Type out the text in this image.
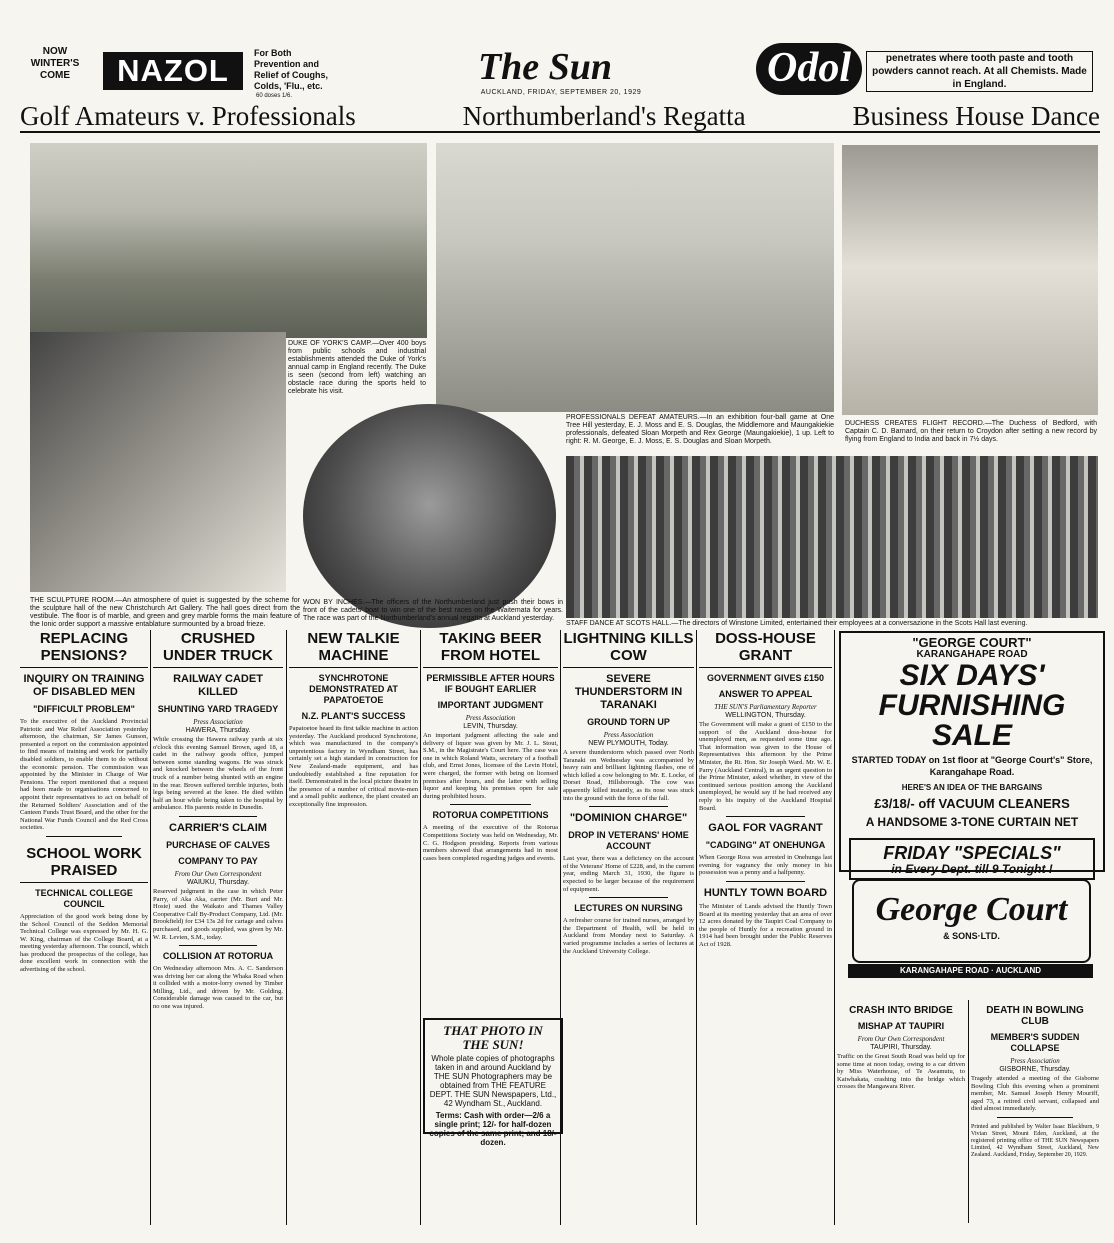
NOW WINTER'S COME	NAZOL	For Both Prevention and Relief of Coughs, Colds, 'Flu., etc.
60 doses 1/6.
The Sun
AUCKLAND, FRIDAY, SEPTEMBER 20, 1929
Odol	penetrates where tooth paste and tooth powders cannot reach. At all Chemists. Made in England.
Golf Amateurs v. Professionals	Northumberland's Regatta	Business House Dance
DUKE OF YORK'S CAMP.—Over 400 boys from public schools and industrial establishments attended the Duke of York's annual camp in England recently. The Duke is seen (second from left) watching an obstacle race during the sports held to celebrate his visit.
PROFESSIONALS DEFEAT AMATEURS.—In an exhibition four-ball game at One Tree Hill yesterday, E. J. Moss and E. S. Douglas, the Middlemore and Maungakiekie professionals, defeated Sloan Morpeth and Rex George (Maungakiekie), 1 up. Left to right: R. M. George, E. J. Moss, E. S. Douglas and Sloan Morpeth.
DUCHESS CREATES FLIGHT RECORD.—The Duchess of Bedford, with Captain C. D. Barnard, on their return to Croydon after setting a new record by flying from England to India and back in 7½ days.
THE SCULPTURE ROOM.—An atmosphere of quiet is suggested by the scheme for the sculpture hall of the new Christchurch Art Gallery. The hall goes direct from the vestibule. The floor is of marble, and green and grey marble forms the main feature of the Ionic order support a massive entablature surmounted by a broad frieze.
WON BY INCHES.—The officers of the Northumberland just push their bows in front of the cadets' boat to win one of the best races on the Waitemata for years. The race was part of the Northumberland's annual regatta at Auckland yesterday.
STAFF DANCE AT SCOTS HALL.—The directors of Winstone Limited, entertained their employees at a conversazione in the Scots Hall last evening.
REPLACING PENSIONS?
INQUIRY ON TRAINING OF DISABLED MEN
"DIFFICULT PROBLEM"

To the executive of the Auckland Provincial Patriotic and War Relief Association yesterday afternoon, the chairman, Sir James Gunson, presented a report on the commission appointed to find means of training and work for partially disabled soldiers, to enable them to do without the economic pension. The commission was appointed by the Minister in Charge of War Pensions. The report mentioned that a request had been made to organisations concerned to appoint their representatives to act on behalf of the Returned Soldiers' Association and of the Canteen Funds Trust Board, and the other for the National War Funds Council and the Red Cross societies.

SCHOOL WORK PRAISED
TECHNICAL COLLEGE COUNCIL

Appreciation of the good work being done by the School Council of the Seddon Memorial Technical College was expressed by Mr. H. G. W. King, chairman of the College Board, at a meeting yesterday afternoon. The council, which has produced the prospectus of the college, has done excellent work in connection with the advertising of the school.

CRUSHED UNDER TRUCK
RAILWAY CADET KILLED
SHUNTING YARD TRAGEDY
Press Association
HAWERA, Thursday.

While crossing the Hawera railway yards at six o'clock this evening Samuel Brown, aged 18, a cadet in the railway goods office, jumped between some standing wagons. He was struck and knocked between the wheels of the front truck of a number being shunted with an engine in the rear. Brown suffered terrible injuries, both legs being severed at the knee. He died within half an hour while being taken to the hospital by ambulance. His parents reside in Dunedin.

CARRIER'S CLAIM
PURCHASE OF CALVES
COMPANY TO PAY
From Our Own Correspondent
WAIUKU, Thursday.

Reserved judgment in the case in which Peter Parry, of Aka Aka, carrier (Mr. Burt and Mr. Hosie) sued the Waikato and Thames Valley Cooperative Calf By-Product Company, Ltd. (Mr. Brookfield) for £34 13s 2d for cartage and calves purchased, and goods supplied, was given by Mr. W. R. Levien, S.M., today.

COLLISION AT ROTORUA

On Wednesday afternoon Mrs. A. C. Sanderson was driving her car along the Whaka Road when it collided with a motor-lorry owned by Timber Milling, Ltd., and driven by Mr. Golding. Considerable damage was caused to the car, but no one was injured.

NEW TALKIE MACHINE
SYNCHROTONE DEMONSTRATED AT PAPATOETOE
N.Z. PLANT'S SUCCESS

Papatoetoe heard its first talkie machine in action yesterday. The Auckland produced Synchrotone, which was manufactured in the company's unpretentious factory in Wyndham Street, has certainly set a high standard in construction for New Zealand-made equipment, and has undoubtedly established a fine reputation for itself. Demonstrated in the local picture theatre in the presence of a number of critical movie-men and a small public audience, the plant created an exceptionally fine impression.

TAKING BEER FROM HOTEL
PERMISSIBLE AFTER HOURS IF BOUGHT EARLIER
IMPORTANT JUDGMENT
Press Association
LEVIN, Thursday.

An important judgment affecting the sale and delivery of liquor was given by Mr. J. L. Stout, S.M., in the Magistrate's Court here. The case was one in which Roland Watts, secretary of a football club, and Ernst Jones, licensee of the Levin Hotel, were charged, the former with being on licensed premises after hours, and the latter with selling liquor and keeping his premises open for sale during prohibited hours.

ROTORUA COMPETITIONS

A meeting of the executive of the Rotorua Competitions Society was held on Wednesday, Mr. C. G. Hodgson presiding. Reports from various members showed that arrangements had in most cases been completed regarding judges and events.

THAT PHOTO IN THE SUN!
Whole plate copies of photographs taken in and around Auckland by THE SUN Photographers may be obtained from THE FEATURE DEPT. THE SUN Newspapers, Ltd., 42 Wyndham St., Auckland.
Terms: Cash with order—2/6 a single print; 12/- for half-dozen copies of the same print; and 18/- dozen.
LIGHTNING KILLS COW
SEVERE THUNDERSTORM IN TARANAKI
GROUND TORN UP
Press Association
NEW PLYMOUTH, Today.

A severe thunderstorm which passed over North Taranaki on Wednesday was accompanied by heavy rain and brilliant lightning flashes, one of which killed a cow belonging to Mr. E. Locke, of Dorset Road, Hillsborough. The cow was apparently killed instantly, as its nose was stuck into the ground with the force of the fall.

"DOMINION CHARGE"
DROP IN VETERANS' HOME ACCOUNT

Last year, there was a deficiency on the account of the Veterans' Home of £228, and, in the current year, ending March 31, 1930, the figure is expected to be larger because of the requirement of equipment.

LECTURES ON NURSING

A refresher course for trained nurses, arranged by the Department of Health, will be held in Auckland from Monday next to Saturday. A varied programme includes a series of lectures at the Auckland University College.

DOSS-HOUSE GRANT
GOVERNMENT GIVES £150
ANSWER TO APPEAL
THE SUN'S Parliamentary Reporter
WELLINGTON, Thursday.

The Government will make a grant of £150 to the support of the Auckland doss-house for unemployed men, as requested some time ago. That information was given to the House of Representatives this afternoon by the Prime Minister, the Rt. Hon. Sir Joseph Ward. Mr. W. E. Parry (Auckland Central), in an urgent question to the Prime Minister, asked whether, in view of the continued serious position among the Auckland unemployed, he would say if he had received any reply to his inquiry of the Auckland Hospital Board.

GAOL FOR VAGRANT
"CADGING" AT ONEHUNGA

When George Ross was arrested in Onehunga last evening for vagrancy the only money in his possession was a penny and a halfpenny.

HUNTLY TOWN BOARD

The Minister of Lands advised the Huntly Town Board at its meeting yesterday that an area of over 12 acres donated by the Taupiri Coal Company to the people of Huntly for a recreation ground in 1914 had been brought under the Public Reserves Act of 1928.

"GEORGE COURT"
KARANGAHAPE ROAD
SIX DAYS' FURNISHING SALE
STARTED TODAY on 1st floor at "George Court's" Store, Karangahape Road.
HERE'S AN IDEA OF THE BARGAINS
£3/18/- off VACUUM CLEANERS
A HANDSOME 3-TONE CURTAIN NET
FRIDAY "SPECIALS"
in Every Dept. till 9 Tonight !
George Court
& SONS·LTD.
KARANGAHAPE ROAD · AUCKLAND
CRASH INTO BRIDGE
MISHAP AT TAUPIRI
From Our Own Correspondent
TAUPIRI, Thursday.

Traffic on the Great South Road was held up for some time at noon today, owing to a car driven by Miss Waterhouse, of Te Awamutu, to Kaiwhakata, crashing into the bridge which crosses the Mangawara River.

DEATH IN BOWLING CLUB
MEMBER'S SUDDEN COLLAPSE
Press Association
GISBORNE, Thursday.

Tragedy attended a meeting of the Gisborne Bowling Club this evening when a prominent member, Mr. Samuel Joseph Henry Mouriff, aged 73, a retired civil servant, collapsed and died almost immediately.

Printed and published by Walter Isaac Blackburn, 9 Vivian Street, Mount Eden, Auckland, at the registered printing office of THE SUN Newspapers Limited, 42 Wyndham Street, Auckland, New Zealand. Auckland, Friday, September 20, 1929.
